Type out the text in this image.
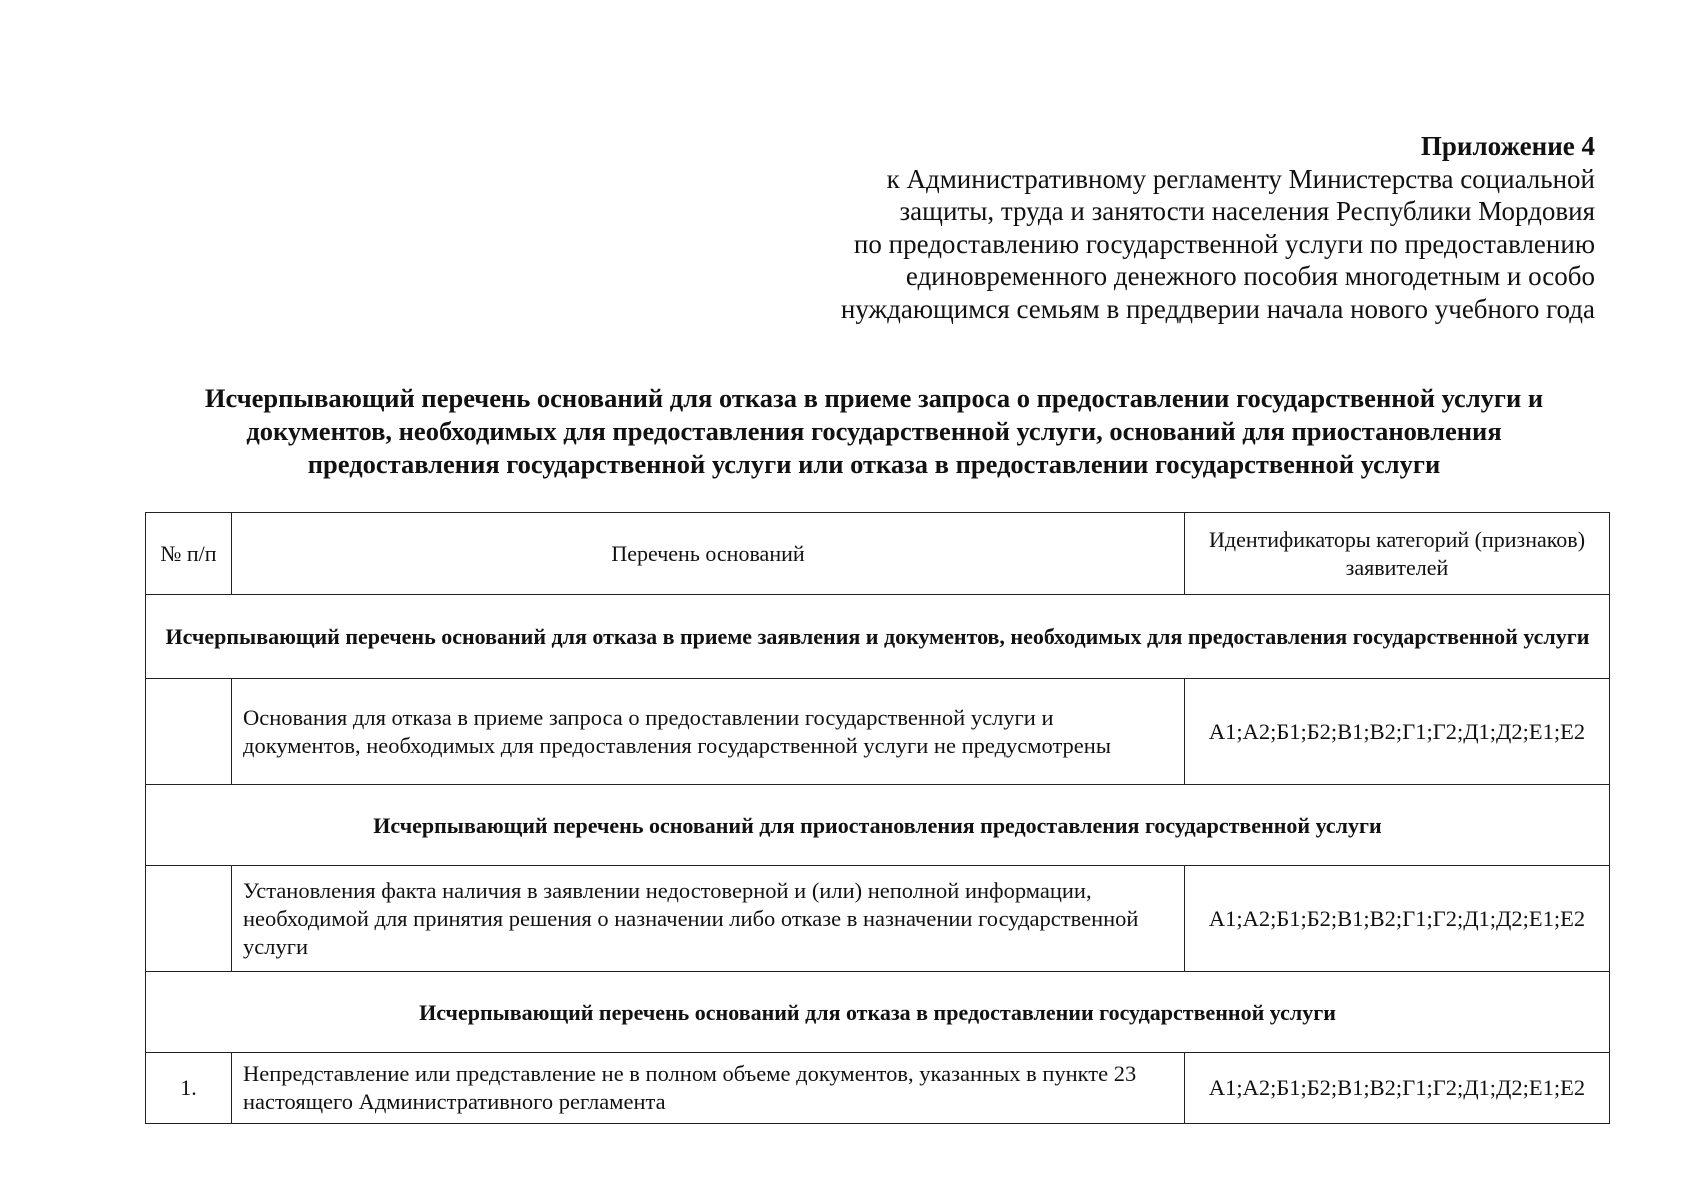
Приложение 4
к Административному регламенту Министерства социальной
защиты, труда и занятости населения Республики Мордовия
по предоставлению государственной услуги по предоставлению
единовременного денежного пособия многодетным и особо
нуждающимся семьям в преддверии начала нового учебного года
Исчерпывающий перечень оснований для отказа в приеме запроса о предоставлении государственной услуги и
документов, необходимых для предоставления государственной услуги, оснований для приостановления
предоставления государственной услуги или отказа в предоставлении государственной услуги
№ п/п	Перечень оснований	Идентификаторы категорий (признаков) заявителей
Исчерпывающий перечень оснований для отказа в приеме заявления и документов, необходимых для предоставления государственной услуги		
	Основания для отказа в приеме запроса о предоставлении государственной услуги и документов, необходимых для предоставления государственной услуги не предусмотрены	А1;А2;Б1;Б2;В1;В2;Г1;Г2;Д1;Д2;Е1;Е2
Исчерпывающий перечень оснований для приостановления предоставления государственной услуги		
	Установления факта наличия в заявлении недостоверной и (или) неполной информации, необходимой для принятия решения о назначении либо отказе в назначении государственной услуги	А1;А2;Б1;Б2;В1;В2;Г1;Г2;Д1;Д2;Е1;Е2
Исчерпывающий перечень оснований для отказа в предоставлении государственной услуги		
1.	Непредставление или представление не в полном объеме документов, указанных в пункте 23 настоящего Административного регламента	А1;А2;Б1;Б2;В1;В2;Г1;Г2;Д1;Д2;Е1;Е2
